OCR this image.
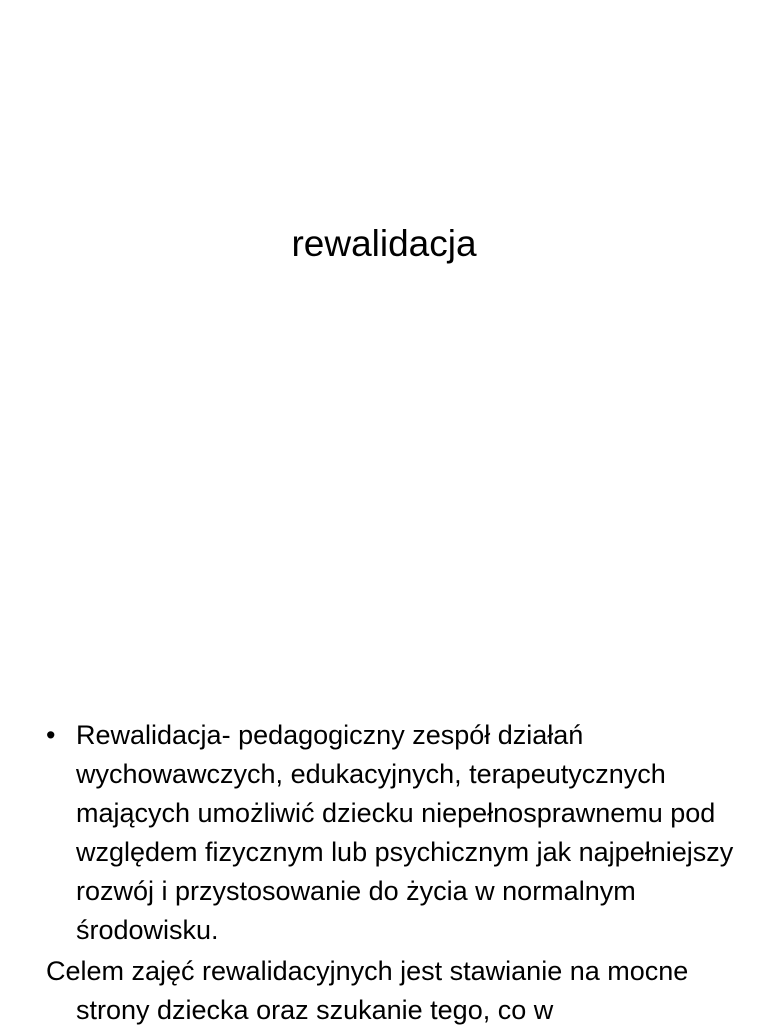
rewalidacja
• Rewalidacja- pedagogiczny zespół działań wychowawczych, edukacyjnych, terapeutycznych mających umożliwić dziecku niepełnosprawnemu pod względem fizycznym lub psychicznym jak najpełniejszy rozwój i przystosowanie do życia w normalnym środowisku.

Celem zajęć rewalidacyjnych jest stawianie na mocne strony dziecka oraz szukanie tego, co w
